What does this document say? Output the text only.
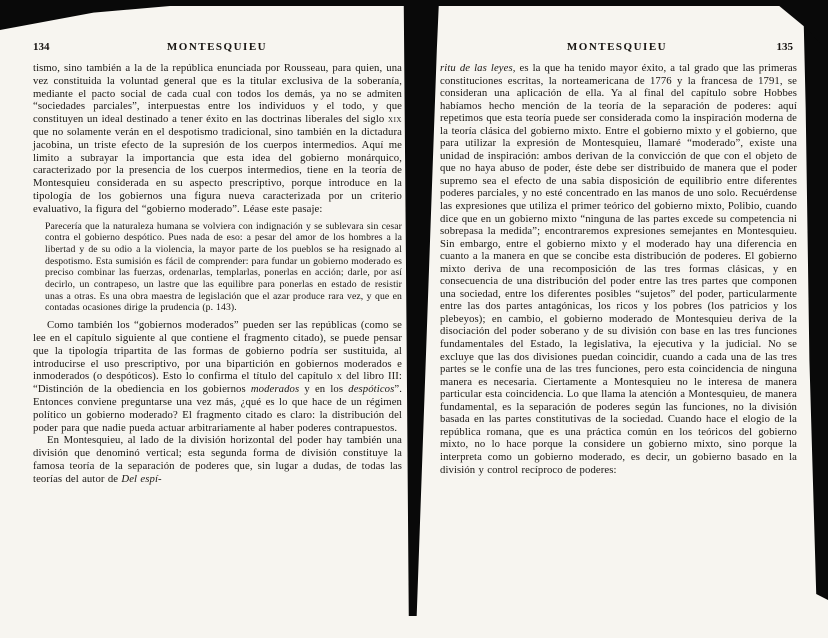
134	MONTESQUIEU

tismo, sino también a la de la república enunciada por Rousseau, para quien, una vez constituida la voluntad general que es la titular exclusiva de la soberanía, mediante el pacto social de cada cual con todos los demás, ya no se admiten “sociedades parciales”, interpuestas entre los individuos y el todo, y que constituyen un ideal destinado a tener éxito en las doctrinas liberales del siglo xix que no solamente verán en el despotismo tradicional, sino también en la dictadura jacobina, un triste efecto de la supresión de los cuerpos intermedios. Aquí me limito a subrayar la importancia que esta idea del gobierno monárquico, caracterizado por la presencia de los cuerpos intermedios, tiene en la teoría de Montesquieu considerada en su aspecto prescriptivo, porque introduce en la tipología de los gobiernos una figura nueva caracterizada por un criterio evaluativo, la figura del “gobierno moderado”. Léase este pasaje:

Parecería que la naturaleza humana se volviera con indignación y se sublevara sin cesar contra el gobierno despótico. Pues nada de eso: a pesar del amor de los hombres a la libertad y de su odio a la violencia, la mayor parte de los pueblos se ha resignado al despotismo. Esta sumisión es fácil de comprender: para fundar un gobierno moderado es preciso combinar las fuerzas, ordenarlas, templarlas, ponerlas en acción; darle, por así decirlo, un contrapeso, un lastre que las equilibre para ponerlas en estado de resistir unas a otras. Es una obra maestra de legislación que el azar produce rara vez, y que en contadas ocasiones dirige la prudencia (p. 143).

Como también los “gobiernos moderados” pueden ser las repúblicas (como se lee en el capítulo siguiente al que contiene el fragmento citado), se puede pensar que la tipología tripartita de las formas de gobierno podría ser sustituida, al introducirse el uso prescriptivo, por una bipartición en gobiernos moderados e inmoderados (o despóticos). Esto lo confirma el título del capítulo x del libro III: “Distinción de la obediencia en los gobiernos moderados y en los despóticos”. Entonces conviene preguntarse una vez más, ¿qué es lo que hace de un régimen político un gobierno moderado? El fragmento citado es claro: la distribución del poder para que nadie pueda actuar arbitrariamente al haber poderes contrapuestos.

En Montesquieu, al lado de la división horizontal del poder hay también una división que denominó vertical; esta segunda forma de división constituye la famosa teoría de la separación de poderes que, sin lugar a dudas, de todas las teorías del autor de Del espí-

MONTESQUIEU	135

ritu de las leyes, es la que ha tenido mayor éxito, a tal grado que las primeras constituciones escritas, la norteamericana de 1776 y la francesa de 1791, se consideran una aplicación de ella. Ya al final del capítulo sobre Hobbes habíamos hecho mención de la teoría de la separación de poderes: aquí repetimos que esta teoría puede ser considerada como la inspiración moderna de la teoría clásica del gobierno mixto. Entre el gobierno mixto y el gobierno, que para utilizar la expresión de Montesquieu, llamaré “moderado”, existe una unidad de inspiración: ambos derivan de la convicción de que con el objeto de que no haya abuso de poder, éste debe ser distribuido de manera que el poder supremo sea el efecto de una sabia disposición de equilibrio entre diferentes poderes parciales, y no esté concentrado en las manos de uno solo. Recuérdense las expresiones que utiliza el primer teórico del gobierno mixto, Polibio, cuando dice que en un gobierno mixto “ninguna de las partes excede su competencia ni sobrepasa la medida”; encontraremos expresiones semejantes en Montesquieu. Sin embargo, entre el gobierno mixto y el moderado hay una diferencia en cuanto a la manera en que se concibe esta distribución de poderes. El gobierno mixto deriva de una recomposición de las tres formas clásicas, y en consecuencia de una distribución del poder entre las tres partes que componen una sociedad, entre los diferentes posibles “sujetos” del poder, particularmente entre las dos partes antagónicas, los ricos y los pobres (los patricios y los plebeyos); en cambio, el gobierno moderado de Montesquieu deriva de la disociación del poder soberano y de su división con base en las tres funciones fundamentales del Estado, la legislativa, la ejecutiva y la judicial. No se excluye que las dos divisiones puedan coincidir, cuando a cada una de las tres partes se le confíe una de las tres funciones, pero esta coincidencia de ninguna manera es necesaria. Ciertamente a Montesquieu no le interesa de manera particular esta coincidencia. Lo que llama la atención a Montesquieu, de manera fundamental, es la separación de poderes según las funciones, no la división basada en las partes constitutivas de la sociedad. Cuando hace el elogio de la república romana, que es una práctica común en los teóricos del gobierno mixto, no lo hace porque la considere un gobierno mixto, sino porque la interpreta como un gobierno moderado, es decir, un gobierno basado en la división y control recíproco de poderes:
